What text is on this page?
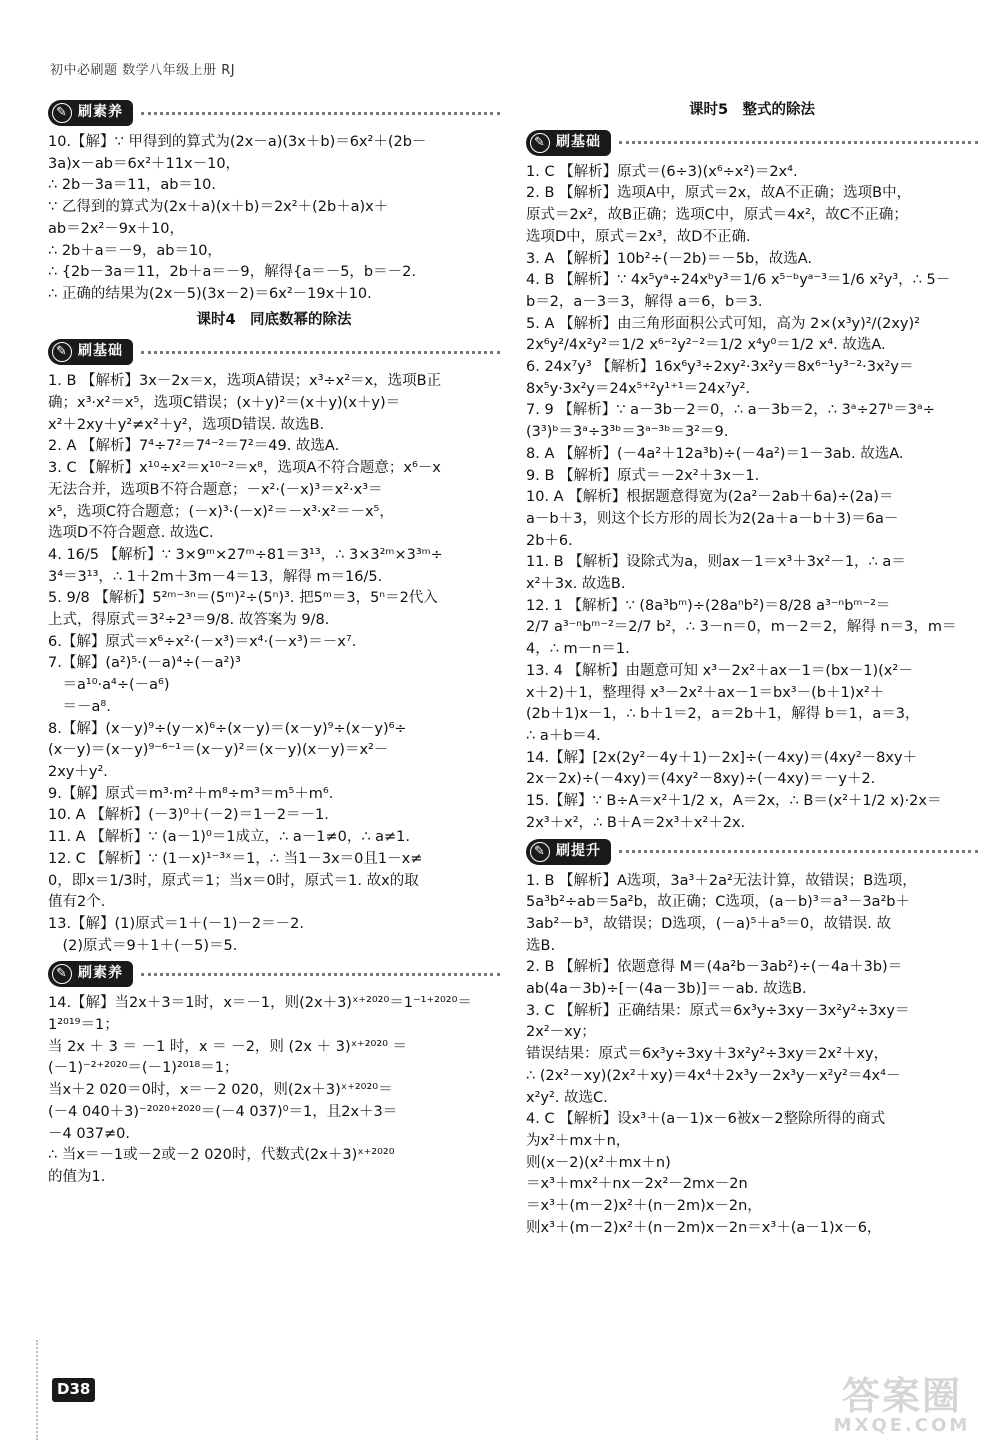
初中必刷题 数学八年级上册 RJ
✎ 刷素养
10.【解】∵ 甲得到的算式为(2x－a)(3x＋b)＝6x²＋(2b－
3a)x－ab＝6x²＋11x－10，
∴ 2b－3a＝11，ab＝10.
∵ 乙得到的算式为(2x＋a)(x＋b)＝2x²＋(2b＋a)x＋
ab＝2x²－9x＋10，
∴ 2b＋a＝－9，ab＝10，
∴ {2b－3a＝11，2b＋a＝－9，解得{a＝－5，b＝－2.
∴ 正确的结果为(2x－5)(3x－2)＝6x²－19x＋10.
课时4　同底数幂的除法
✎ 刷基础
1. B 【解析】3x－2x＝x，选项A错误；x³÷x²＝x，选项B正
确；x³·x²＝x⁵，选项C错误；(x＋y)²＝(x＋y)(x＋y)＝
x²＋2xy＋y²≠x²＋y²，选项D错误. 故选B.
2. A 【解析】7⁴÷7²＝7⁴⁻²＝7²＝49. 故选A.
3. C 【解析】x¹⁰÷x²＝x¹⁰⁻²＝x⁸，选项A不符合题意；x⁶－x
无法合并，选项B不符合题意；－x²·(－x)³＝x²·x³＝
x⁵，选项C符合题意；(－x)³·(－x)²＝－x³·x²＝－x⁵，
选项D不符合题意. 故选C.
4. 16/5 【解析】∵ 3×9ᵐ×27ᵐ÷81＝3¹³，∴ 3×3²ᵐ×3³ᵐ÷
3⁴＝3¹³，∴ 1＋2m＋3m－4＝13，解得 m＝16/5.
5. 9/8 【解析】5²ᵐ⁻³ⁿ＝(5ᵐ)²÷(5ⁿ)³. 把5ᵐ＝3，5ⁿ＝2代入
上式，得原式＝3²÷2³＝9/8. 故答案为 9/8.
6.【解】原式＝x⁶÷x²·(－x³)＝x⁴·(－x³)＝－x⁷.
7.【解】(a²)⁵·(－a)⁴÷(－a²)³
　＝a¹⁰·a⁴÷(－a⁶)
　＝－a⁸.
8.【解】(x－y)⁹÷(y－x)⁶÷(x－y)＝(x－y)⁹÷(x－y)⁶÷
(x－y)＝(x－y)⁹⁻⁶⁻¹＝(x－y)²＝(x－y)(x－y)＝x²－
2xy＋y².
9.【解】原式＝m³·m²＋m⁸÷m³＝m⁵＋m⁶.
10. A 【解析】(－3)⁰＋(－2)＝1－2＝－1.
11. A 【解析】∵ (a－1)⁰＝1成立，∴ a－1≠0，∴ a≠1.
12. C 【解析】∵ (1－x)¹⁻³ˣ＝1，∴ 当1－3x＝0且1－x≠
0，即x＝1/3时，原式＝1；当x＝0时，原式＝1. 故x的取
值有2个.
13.【解】(1)原式＝1＋(－1)－2＝－2.
　(2)原式＝9＋1＋(－5)＝5.
✎ 刷素养
14.【解】当2x＋3＝1时，x＝－1，则(2x＋3)ˣ⁺²⁰²⁰＝1⁻¹⁺²⁰²⁰＝
1²⁰¹⁹＝1；
当 2x ＋ 3 ＝ －1 时，x ＝ －2，则 (2x ＋ 3)ˣ⁺²⁰²⁰ ＝
(－1)⁻²⁺²⁰²⁰＝(－1)²⁰¹⁸＝1；
当x＋2 020＝0时，x＝－2 020，则(2x＋3)ˣ⁺²⁰²⁰＝
(－4 040＋3)⁻²⁰²⁰⁺²⁰²⁰＝(－4 037)⁰＝1，且2x＋3＝
－4 037≠0.
∴ 当x＝－1或－2或－2 020时，代数式(2x＋3)ˣ⁺²⁰²⁰
的值为1.
课时5　整式的除法
✎ 刷基础
1. C 【解析】原式＝(6÷3)(x⁶÷x²)＝2x⁴.
2. B 【解析】选项A中，原式＝2x，故A不正确；选项B中，
原式＝2x²，故B正确；选项C中，原式＝4x²，故C不正确；
选项D中，原式＝2x³，故D不正确.
3. A 【解析】10b²÷(－2b)＝－5b，故选A.
4. B 【解析】∵ 4x⁵yᵃ÷24xᵇy³＝1/6 x⁵⁻ᵇyᵃ⁻³＝1/6 x²y³，∴ 5－
b＝2，a－3＝3，解得 a＝6，b＝3.
5. A 【解析】由三角形面积公式可知，高为 2×(x³y)²/(2xy)²
2x⁶y²/4x²y²＝1/2 x⁶⁻²y²⁻²＝1/2 x⁴y⁰＝1/2 x⁴. 故选A.
6. 24x⁷y³ 【解析】16x⁶y³÷2xy²·3x²y＝8x⁶⁻¹y³⁻²·3x²y＝
8x⁵y·3x²y＝24x⁵⁺²y¹⁺¹＝24x⁷y².
7. 9 【解析】∵ a－3b－2＝0，∴ a－3b＝2，∴ 3ᵃ÷27ᵇ＝3ᵃ÷
(3³)ᵇ＝3ᵃ÷3³ᵇ＝3ᵃ⁻³ᵇ＝3²＝9.
8. A 【解析】(－4a²＋12a³b)÷(－4a²)＝1－3ab. 故选A.
9. B 【解析】原式＝－2x²＋3x－1.
10. A 【解析】根据题意得宽为(2a²－2ab＋6a)÷(2a)＝
a－b＋3，则这个长方形的周长为2(2a＋a－b＋3)＝6a－
2b＋6.
11. B 【解析】设除式为a，则ax－1＝x³＋3x²－1，∴ a＝
x²＋3x. 故选B.
12. 1 【解析】∵ (8a³bᵐ)÷(28aⁿb²)＝8/28 a³⁻ⁿbᵐ⁻²＝
2/7 a³⁻ⁿbᵐ⁻²＝2/7 b²，∴ 3－n＝0，m－2＝2，解得 n＝3，m＝
4，∴ m－n＝1.
13. 4 【解析】由题意可知 x³－2x²＋ax－1＝(bx－1)(x²－
x＋2)＋1，整理得 x³－2x²＋ax－1＝bx³－(b＋1)x²＋
(2b＋1)x－1，∴ b＋1＝2，a＝2b＋1，解得 b＝1，a＝3，
∴ a＋b＝4.
14.【解】[2x(2y²－4y＋1)－2x]÷(－4xy)＝(4xy²－8xy＋
2x－2x)÷(－4xy)＝(4xy²－8xy)÷(－4xy)＝－y＋2.
15.【解】∵ B÷A＝x²＋1/2 x，A＝2x，∴ B＝(x²＋1/2 x)·2x＝
2x³＋x²，∴ B＋A＝2x³＋x²＋2x.
✎ 刷提升
1. B 【解析】A选项，3a³＋2a²无法计算，故错误；B选项，
5a³b²÷ab＝5a²b，故正确；C选项，(a－b)³＝a³－3a²b＋
3ab²－b³，故错误；D选项，(－a)⁵＋a⁵＝0，故错误. 故
选B.
2. B 【解析】依题意得 M＝(4a²b－3ab²)÷(－4a＋3b)＝
ab(4a－3b)÷[－(4a－3b)]＝－ab. 故选B.
3. C 【解析】正确结果：原式＝6x³y÷3xy－3x²y²÷3xy＝
2x²－xy；
错误结果：原式＝6x³y÷3xy＋3x²y²÷3xy＝2x²＋xy，
∴ (2x²－xy)(2x²＋xy)＝4x⁴＋2x³y－2x³y－x²y²＝4x⁴－
x²y². 故选C.
4. C 【解析】设x³＋(a－1)x－6被x－2整除所得的商式
为x²＋mx＋n，
则(x－2)(x²＋mx＋n)
＝x³＋mx²＋nx－2x²－2mx－2n
＝x³＋(m－2)x²＋(n－2m)x－2n，
则x³＋(m－2)x²＋(n－2m)x－2n＝x³＋(a－1)x－6，
D38	答案圈
MXQE.COM
